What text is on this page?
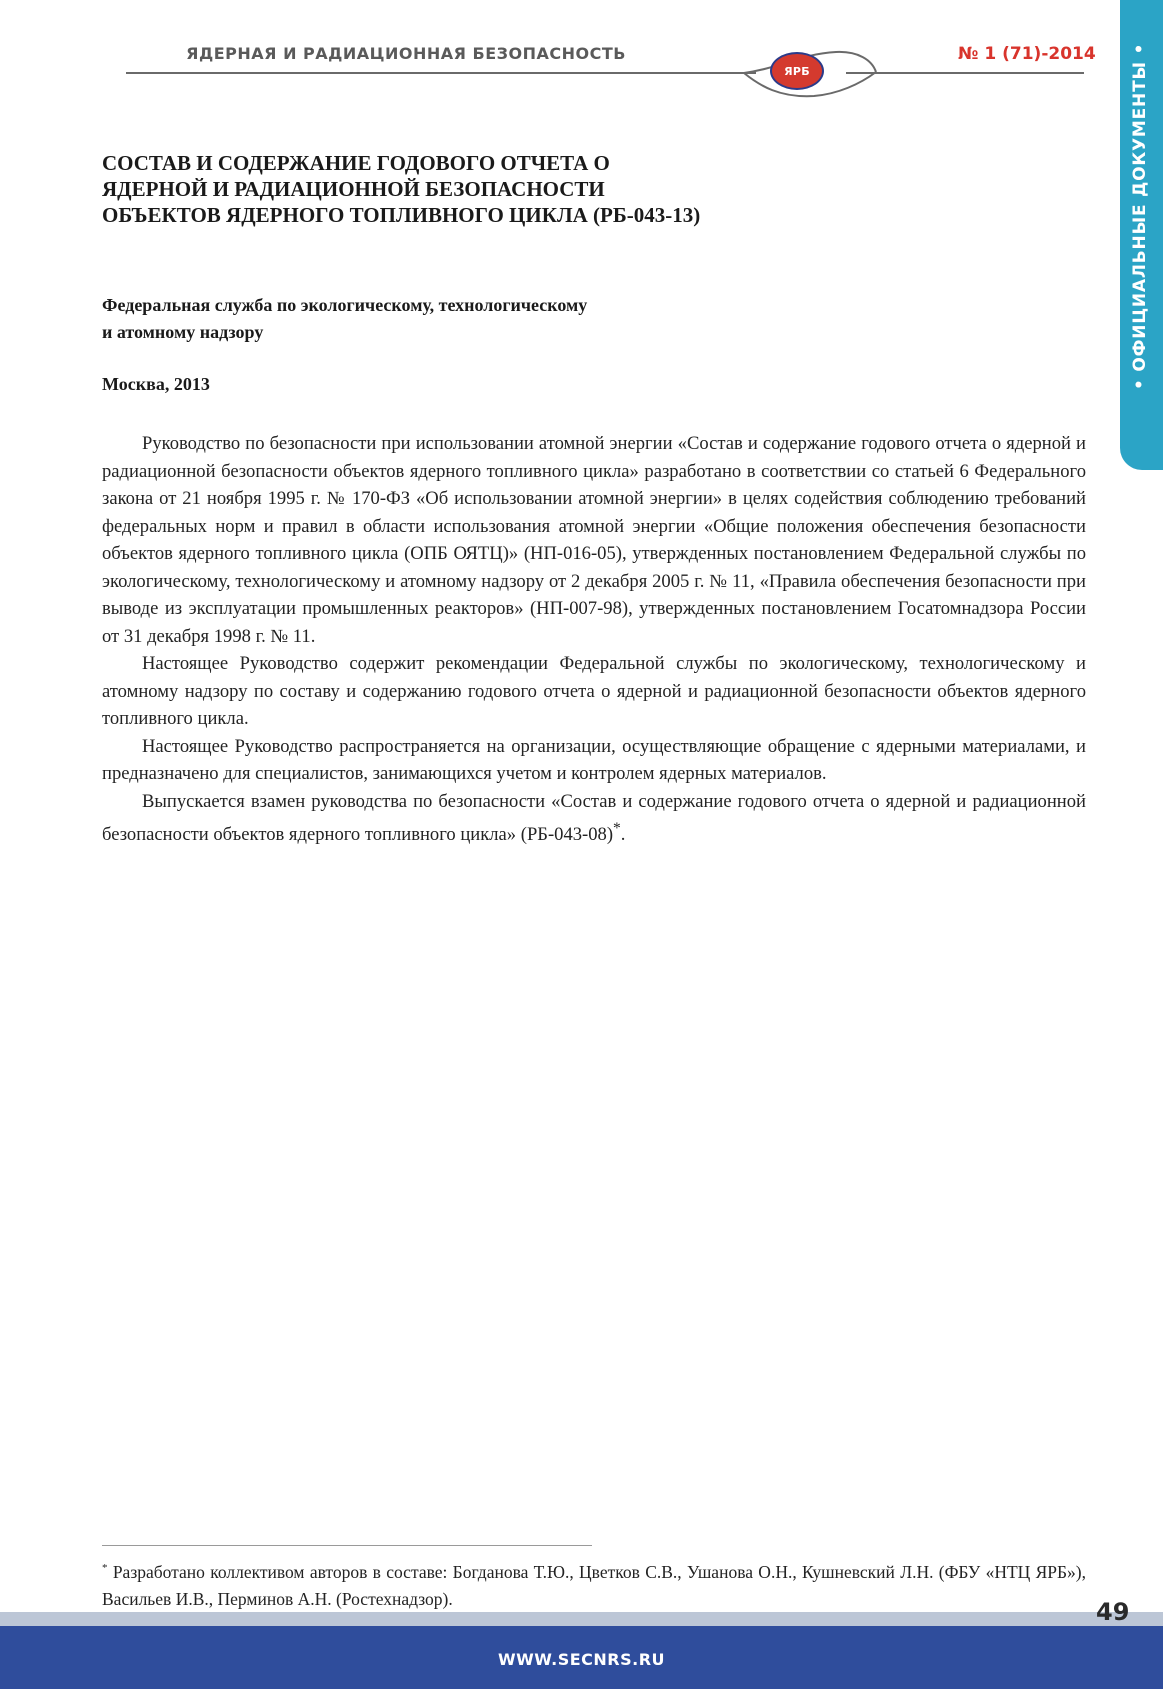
ЯДЕРНАЯ И РАДИАЦИОННАЯ БЕЗОПАСНОСТЬ
ЯРБ
№ 1 (71)-2014 • ОФИЦИАЛЬНЫЕ ДОКУМЕНТЫ •
СОСТАВ И СОДЕРЖАНИЕ ГОДОВОГО ОТЧЕТА О
ЯДЕРНОЙ И РАДИАЦИОННОЙ БЕЗОПАСНОСТИ
ОБЪЕКТОВ ЯДЕРНОГО ТОПЛИВНОГО ЦИКЛА (РБ-043-13)
Федеральная служба по экологическому, технологическому
и атомному надзору
Москва, 2013

Руководство по безопасности при использовании атомной энергии «Состав и содержание годового отчета о ядерной и радиационной безопасности объектов ядерного топливного цикла» разработано в соответствии со статьей 6 Федерального закона от 21 ноября 1995 г. № 170-ФЗ «Об использовании атомной энергии» в целях содействия соблюдению требований федеральных норм и правил в области использования атомной энергии «Общие положения обеспечения безопасности объектов ядерного топливного цикла (ОПБ ОЯТЦ)» (НП-016-05), утвержденных постановлением Федеральной службы по экологическому, технологическому и атомному надзору от 2 декабря 2005 г. № 11, «Правила обеспечения безопасности при выводе из эксплуатации промышленных реакторов» (НП-007-98), утвержденных постановлением Госатомнадзора России от 31 декабря 1998 г. № 11.

Настоящее Руководство содержит рекомендации Федеральной службы по экологическому, технологическому и атомному надзору по составу и содержанию годового отчета о ядерной и радиационной безопасности объектов ядерного топливного цикла.

Настоящее Руководство распространяется на организации, осуществляющие обращение с ядерными материалами, и предназначено для специалистов, занимающихся учетом и контролем ядерных материалов.

Выпускается взамен руководства по безопасности «Состав и содержание годового отчета о ядерной и радиационной безопасности объектов ядерного топливного цикла» (РБ-043-08)*.

* Разработано коллективом авторов в составе: Богданова Т.Ю., Цветков С.В., Ушанова О.Н., Кушневский Л.Н. (ФБУ «НТЦ ЯРБ»), Васильев И.В., Перминов А.Н. (Ростехнадзор).	49
WWW.SECNRS.RU
